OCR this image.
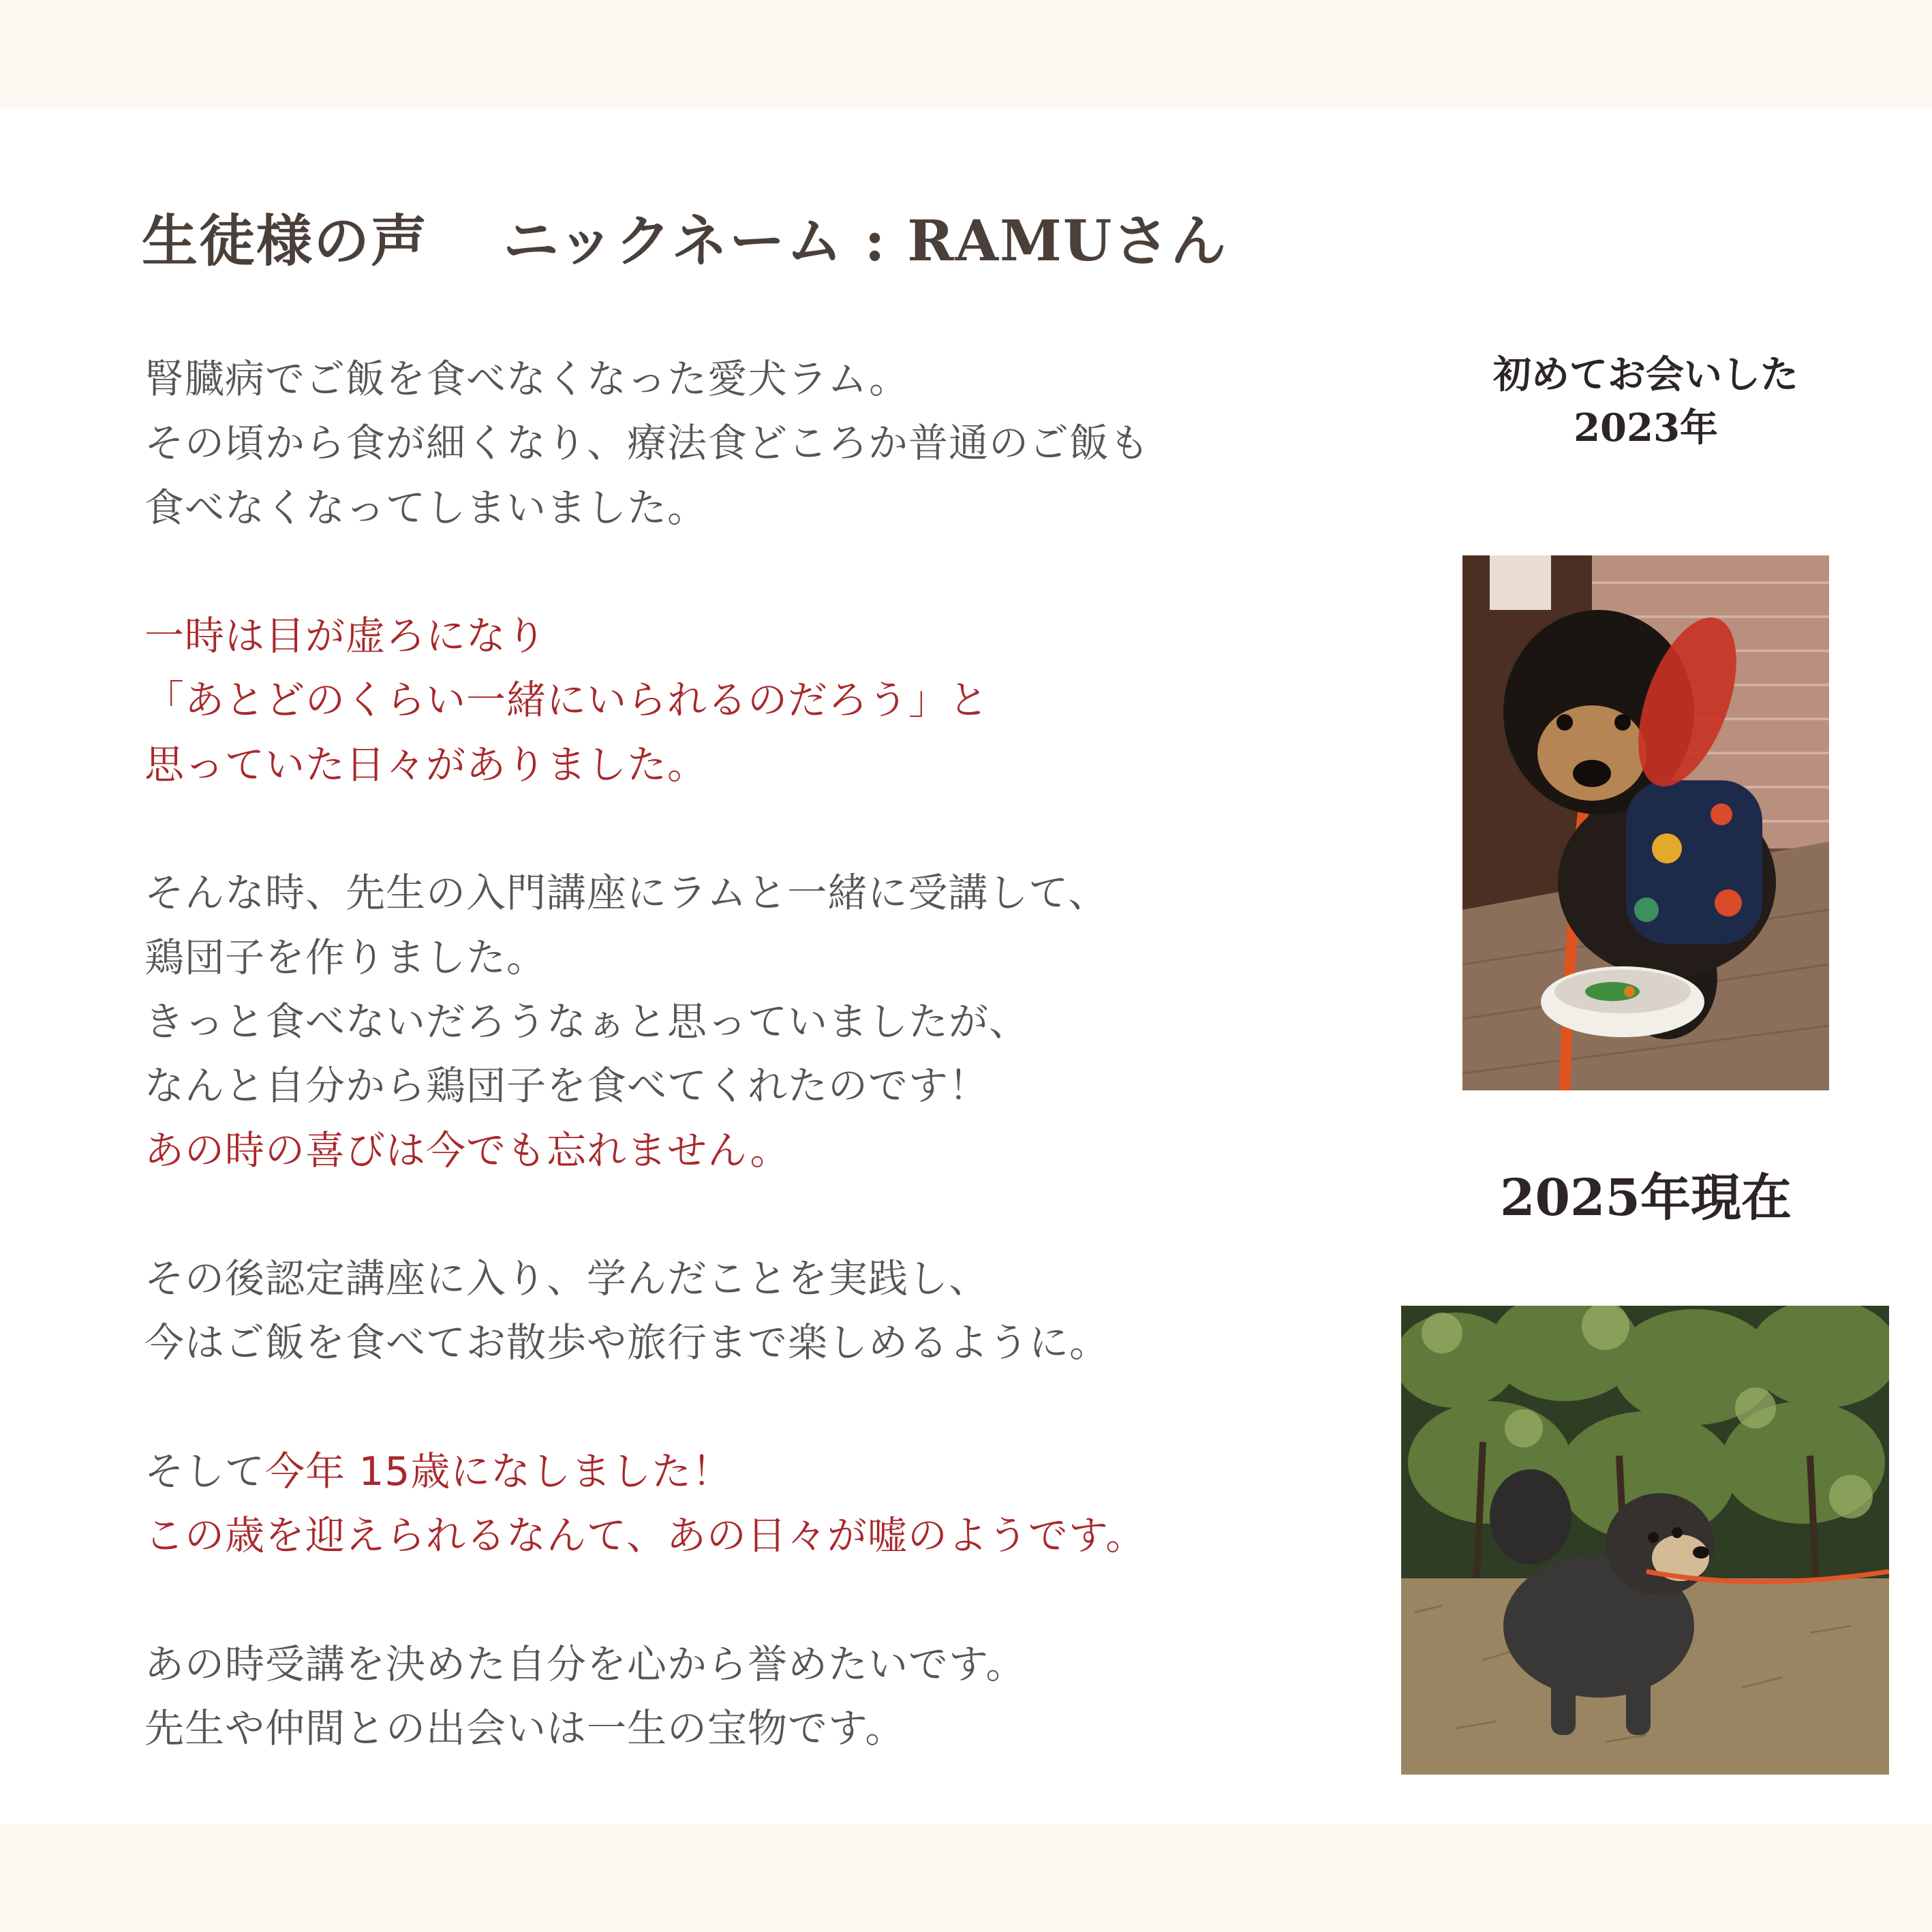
生徒様の声 ニックネーム : RAMUさん
腎臓病でご飯を食べなくなった愛犬ラム。
その頃から食が細くなり、療法食どころか普通のご飯も
食べなくなってしまいました。
一時は目が虚ろになり
「あとどのくらい一緒にいられるのだろう」と
思っていた日々がありました。
そんな時、先生の入門講座にラムと一緒に受講して、
鶏団子を作りました。
きっと食べないだろうなぁと思っていましたが、
なんと自分から鶏団子を食べてくれたのです！
あの時の喜びは今でも忘れません。
その後認定講座に入り、学んだことを実践し、
今はご飯を食べてお散歩や旅行まで楽しめるように。
そして今年 15歳になしました！
この歳を迎えられるなんて、あの日々が嘘のようです。
あの時受講を決めた自分を心から誉めたいです。
先生や仲間との出会いは一生の宝物です。
初めてお会いした
2023年
2025年現在
